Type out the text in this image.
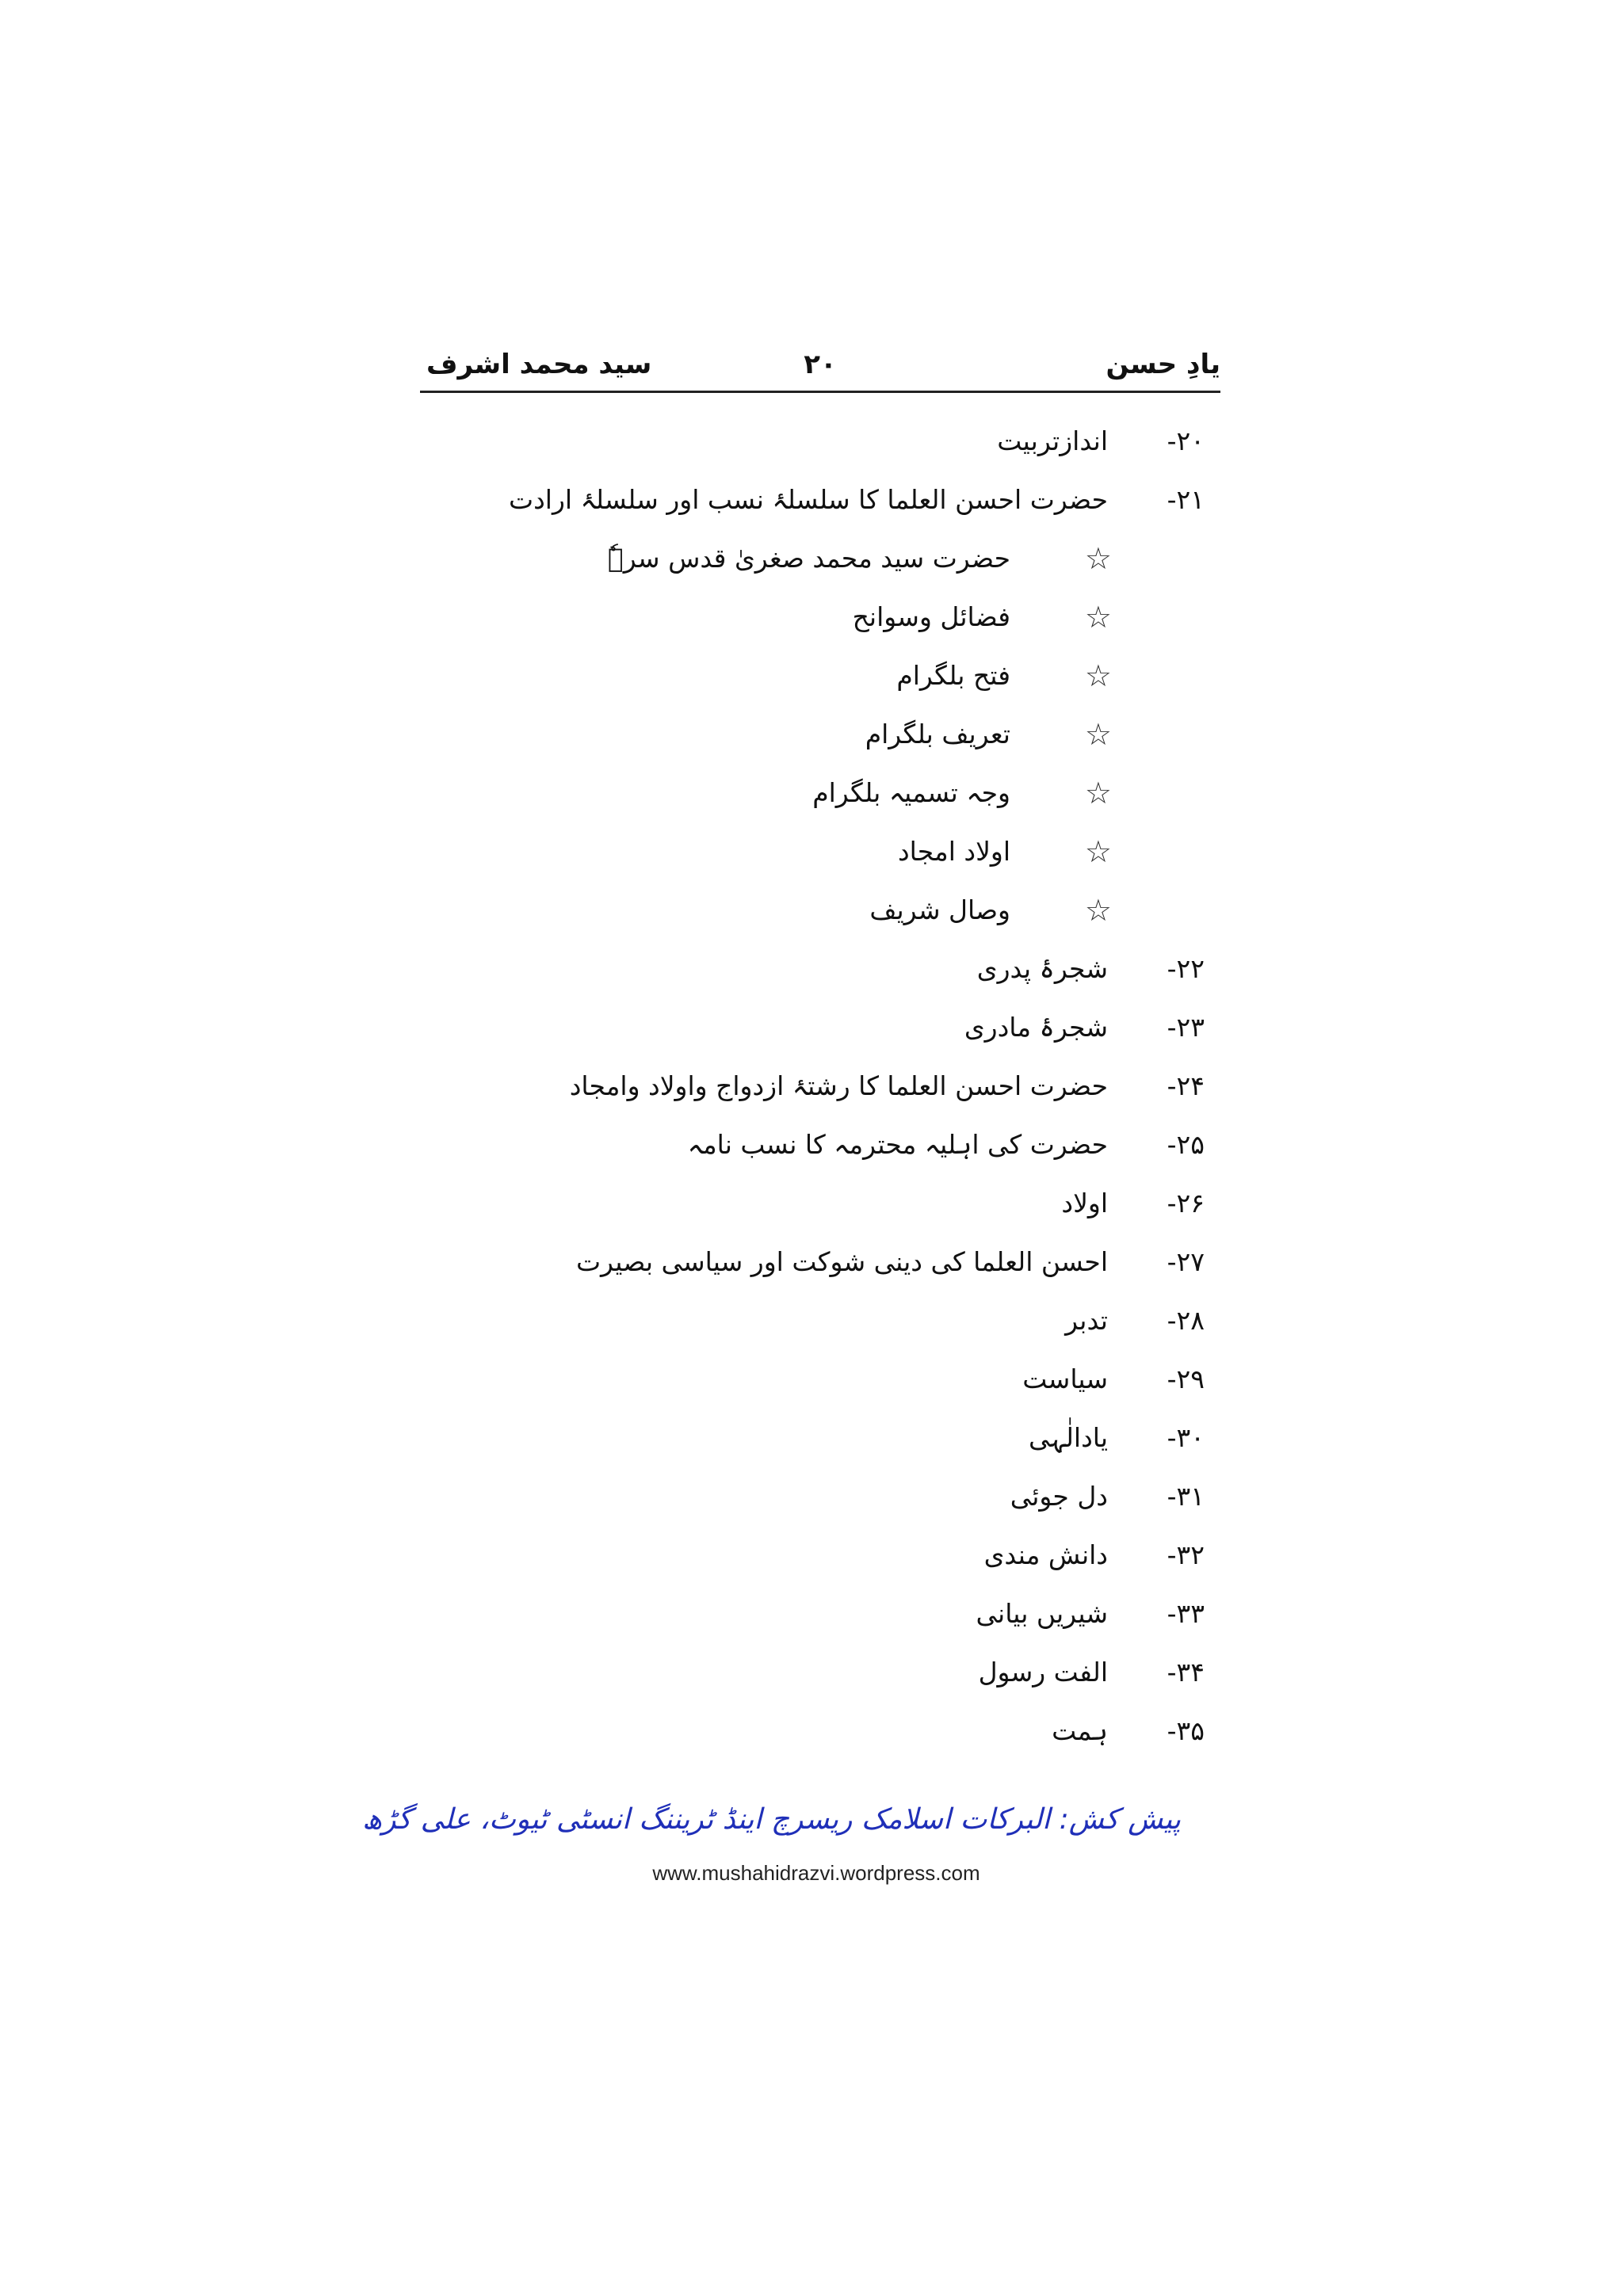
یادِ حسن
۲۰
سید محمد اشرف
۲۰-
اندازتربیت
۲۱-
حضرت احسن العلما کا سلسلۂ نسب اور سلسلۂ ارادت
☆
حضرت سید محمد صغریٰ قدس سرہٗ
☆
فضائل وسوانح
☆
فتح بلگرام
☆
تعریف بلگرام
☆
وجہ تسمیہ بلگرام
☆
اولاد امجاد
☆
وصال شریف
۲۲-
شجرۂ پدری
۲۳-
شجرۂ مادری
۲۴-
حضرت احسن العلما کا رشتۂ ازدواج واولاد وامجاد
۲۵-
حضرت کی اہلیہ محترمہ کا نسب نامہ
۲۶-
اولاد
۲۷-
احسن العلما کی دینی شوکت اور سیاسی بصیرت
۲۸-
تدبر
۲۹-
سیاست
۳۰-
یادالٰہی
۳۱-
دل جوئی
۳۲-
دانش مندی
۳۳-
شیریں بیانی
۳۴-
الفت رسول
۳۵-
ہمت
پیش کش: البرکات اسلامک ریسرچ اینڈ ٹریننگ انسٹی ٹیوٹ، علی گڑھ
www.mushahidrazvi.wordpress.com
